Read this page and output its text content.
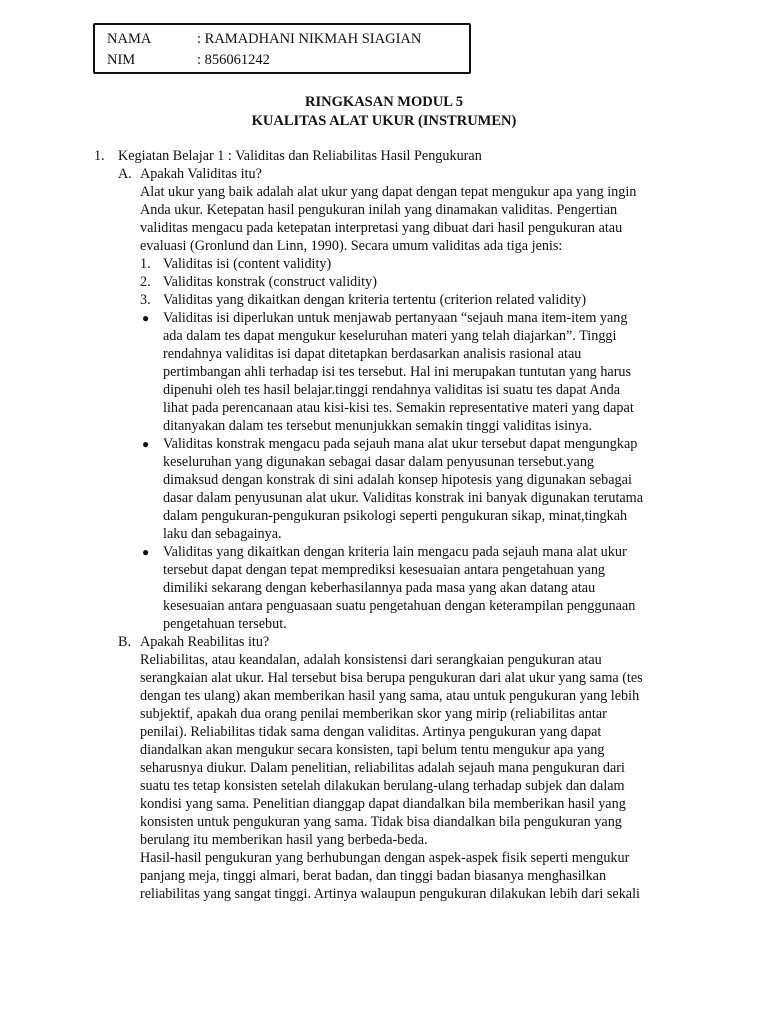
NAMA	: RAMADHANI NIKMAH SIAGIAN
NIM	: 856061242
RINGKASAN MODUL 5
KUALITAS ALAT UKUR (INSTRUMEN)
1. Kegiatan Belajar 1 : Validitas dan Reliabilitas Hasil Pengukuran
A. Apakah Validitas itu?

Alat ukur yang baik adalah alat ukur yang dapat dengan tepat mengukur apa yang ingin

Anda ukur. Ketepatan hasil pengukuran inilah yang dinamakan validitas. Pengertian

validitas mengacu pada ketepatan interpretasi yang dibuat dari hasil pengukuran atau

evaluasi (Gronlund dan Linn, 1990). Secara umum validitas ada tiga jenis:

1. Validitas isi (content validity)
2. Validitas konstrak (construct validity)
3. Validitas yang dikaitkan dengan kriteria tertentu (criterion related validity)
● Validitas isi diperlukan untuk menjawab pertanyaan “sejauh mana item-item yang

ada dalam tes dapat mengukur keseluruhan materi yang telah diajarkan”. Tinggi

rendahnya validitas isi dapat ditetapkan berdasarkan analisis rasional atau

pertimbangan ahli terhadap isi tes tersebut. Hal ini merupakan tuntutan yang harus

dipenuhi oleh tes hasil belajar.tinggi rendahnya validitas isi suatu tes dapat Anda

lihat pada perencanaan atau kisi-kisi tes. Semakin representative materi yang dapat

ditanyakan dalam tes tersebut menunjukkan semakin tinggi validitas isinya.

● Validitas konstrak mengacu pada sejauh mana alat ukur tersebut dapat mengungkap

keseluruhan yang digunakan sebagai dasar dalam penyusunan tersebut.yang

dimaksud dengan konstrak di sini adalah konsep hipotesis yang digunakan sebagai

dasar dalam penyusunan alat ukur. Validitas konstrak ini banyak digunakan terutama

dalam pengukuran-pengukuran psikologi seperti pengukuran sikap, minat,tingkah

laku dan sebagainya.

● Validitas yang dikaitkan dengan kriteria lain mengacu pada sejauh mana alat ukur

tersebut dapat dengan tepat memprediksi kesesuaian antara pengetahuan yang

dimiliki sekarang dengan keberhasilannya pada masa yang akan datang atau

kesesuaian antara penguasaan suatu pengetahuan dengan keterampilan penggunaan

pengetahuan tersebut.

B. Apakah Reabilitas itu?

Reliabilitas, atau keandalan, adalah konsistensi dari serangkaian pengukuran atau

serangkaian alat ukur. Hal tersebut bisa berupa pengukuran dari alat ukur yang sama (tes

dengan tes ulang) akan memberikan hasil yang sama, atau untuk pengukuran yang lebih

subjektif, apakah dua orang penilai memberikan skor yang mirip (reliabilitas antar

penilai). Reliabilitas tidak sama dengan validitas. Artinya pengukuran yang dapat

diandalkan akan mengukur secara konsisten, tapi belum tentu mengukur apa yang

seharusnya diukur. Dalam penelitian, reliabilitas adalah sejauh mana pengukuran dari

suatu tes tetap konsisten setelah dilakukan berulang-ulang terhadap subjek dan dalam

kondisi yang sama. Penelitian dianggap dapat diandalkan bila memberikan hasil yang

konsisten untuk pengukuran yang sama. Tidak bisa diandalkan bila pengukuran yang

berulang itu memberikan hasil yang berbeda-beda.

Hasil-hasil pengukuran yang berhubungan dengan aspek-aspek fisik seperti mengukur

panjang meja, tinggi almari, berat badan, dan tinggi badan biasanya menghasilkan

reliabilitas yang sangat tinggi. Artinya walaupun pengukuran dilakukan lebih dari sekali
